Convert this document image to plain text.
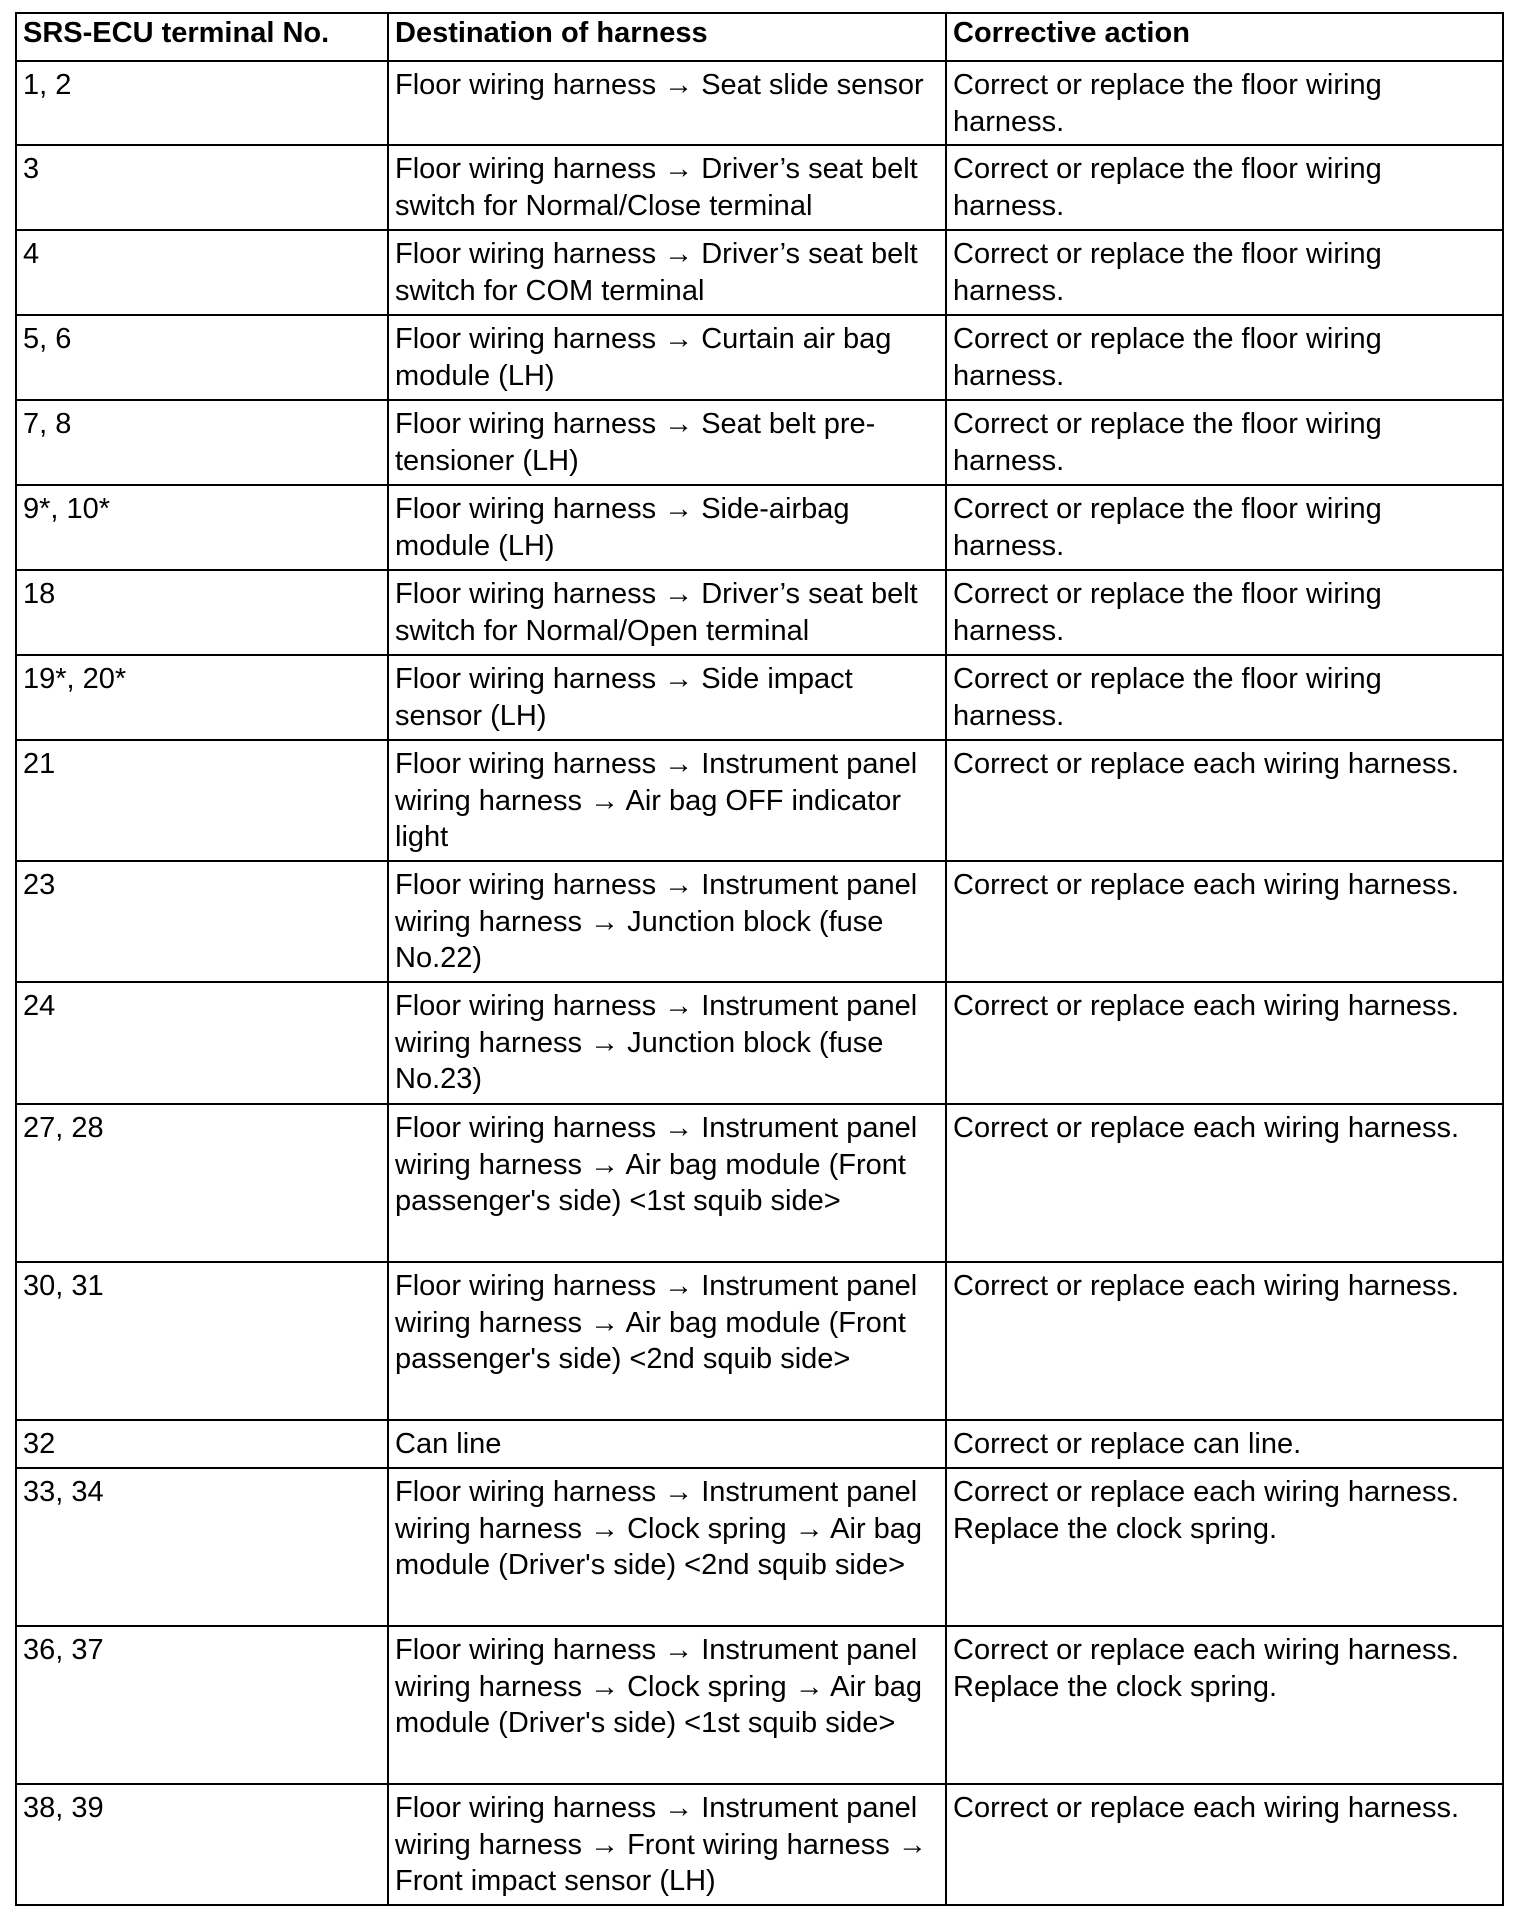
SRS-ECU terminal No.	Destination of harness	Corrective action
1, 2	Floor wiring harness → Seat slide sensor	Correct or replace the floor wiring harness.
3	Floor wiring harness → Driver’s seat belt switch for Normal/Close terminal	Correct or replace the floor wiring harness.
4	Floor wiring harness → Driver’s seat belt switch for COM terminal	Correct or replace the floor wiring harness.
5, 6	Floor wiring harness → Curtain air bag module (LH)	Correct or replace the floor wiring harness.
7, 8	Floor wiring harness → Seat belt pre-tensioner (LH)	Correct or replace the floor wiring harness.
9*, 10*	Floor wiring harness → Side-airbag module (LH)	Correct or replace the floor wiring harness.
18	Floor wiring harness → Driver’s seat belt switch for Normal/Open terminal	Correct or replace the floor wiring harness.
19*, 20*	Floor wiring harness → Side impact sensor (LH)	Correct or replace the floor wiring harness.
21	Floor wiring harness → Instrument panel wiring harness → Air bag OFF indicator light	Correct or replace each wiring harness.
23	Floor wiring harness → Instrument panel wiring harness → Junction block (fuse No.22)	Correct or replace each wiring harness.
24	Floor wiring harness → Instrument panel wiring harness → Junction block (fuse No.23)	Correct or replace each wiring harness.
27, 28	Floor wiring harness → Instrument panel wiring harness → Air bag module (Front passenger's side) <1st squib side>	Correct or replace each wiring harness.
30, 31	Floor wiring harness → Instrument panel wiring harness → Air bag module (Front passenger's side) <2nd squib side>	Correct or replace each wiring harness.
32	Can line	Correct or replace can line.
33, 34	Floor wiring harness → Instrument panel wiring harness → Clock spring → Air bag module (Driver's side) <2nd squib side>	Correct or replace each wiring harness. Replace the clock spring.
36, 37	Floor wiring harness → Instrument panel wiring harness → Clock spring → Air bag module (Driver's side) <1st squib side>	Correct or replace each wiring harness. Replace the clock spring.
38, 39	Floor wiring harness → Instrument panel wiring harness → Front wiring harness → Front impact sensor (LH)	Correct or replace each wiring harness.
